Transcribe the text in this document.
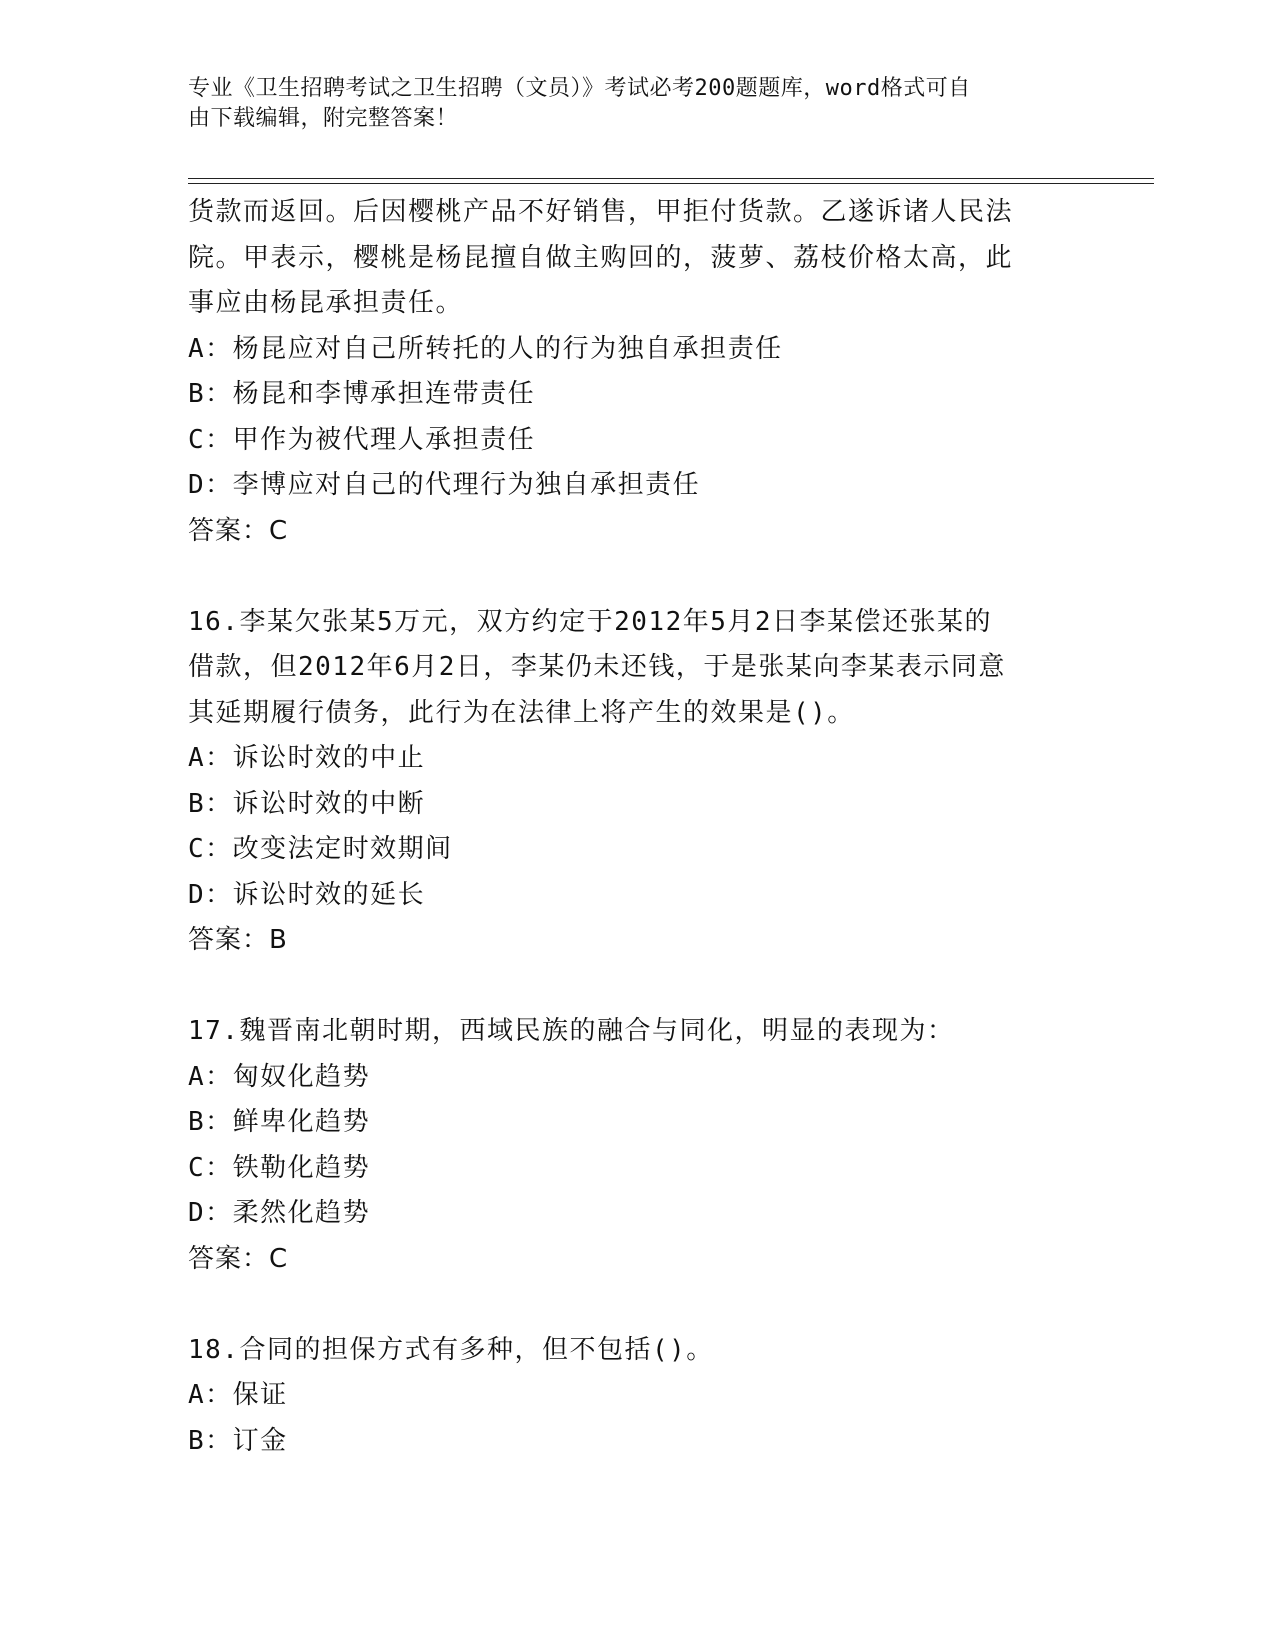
专业《卫生招聘考试之卫生招聘（文员）》考试必考200题题库，word格式可自
由下载编辑，附完整答案！
货款而返回。后因樱桃产品不好销售，甲拒付货款。乙遂诉诸人民法
院。甲表示，樱桃是杨昆擅自做主购回的，菠萝、荔枝价格太高，此
事应由杨昆承担责任。
A：杨昆应对自己所转托的人的行为独自承担责任
B：杨昆和李博承担连带责任
C：甲作为被代理人承担责任
D：李博应对自己的代理行为独自承担责任
答案：C
16.李某欠张某5万元，双方约定于2012年5月2日李某偿还张某的
借款，但2012年6月2日，李某仍未还钱，于是张某向李某表示同意
其延期履行债务，此行为在法律上将产生的效果是()。
A：诉讼时效的中止
B：诉讼时效的中断
C：改变法定时效期间
D：诉讼时效的延长
答案：B
17.魏晋南北朝时期，西域民族的融合与同化，明显的表现为：
A：匈奴化趋势
B：鲜卑化趋势
C：铁勒化趋势
D：柔然化趋势
答案：C
18.合同的担保方式有多种，但不包括()。
A：保证
B：订金
